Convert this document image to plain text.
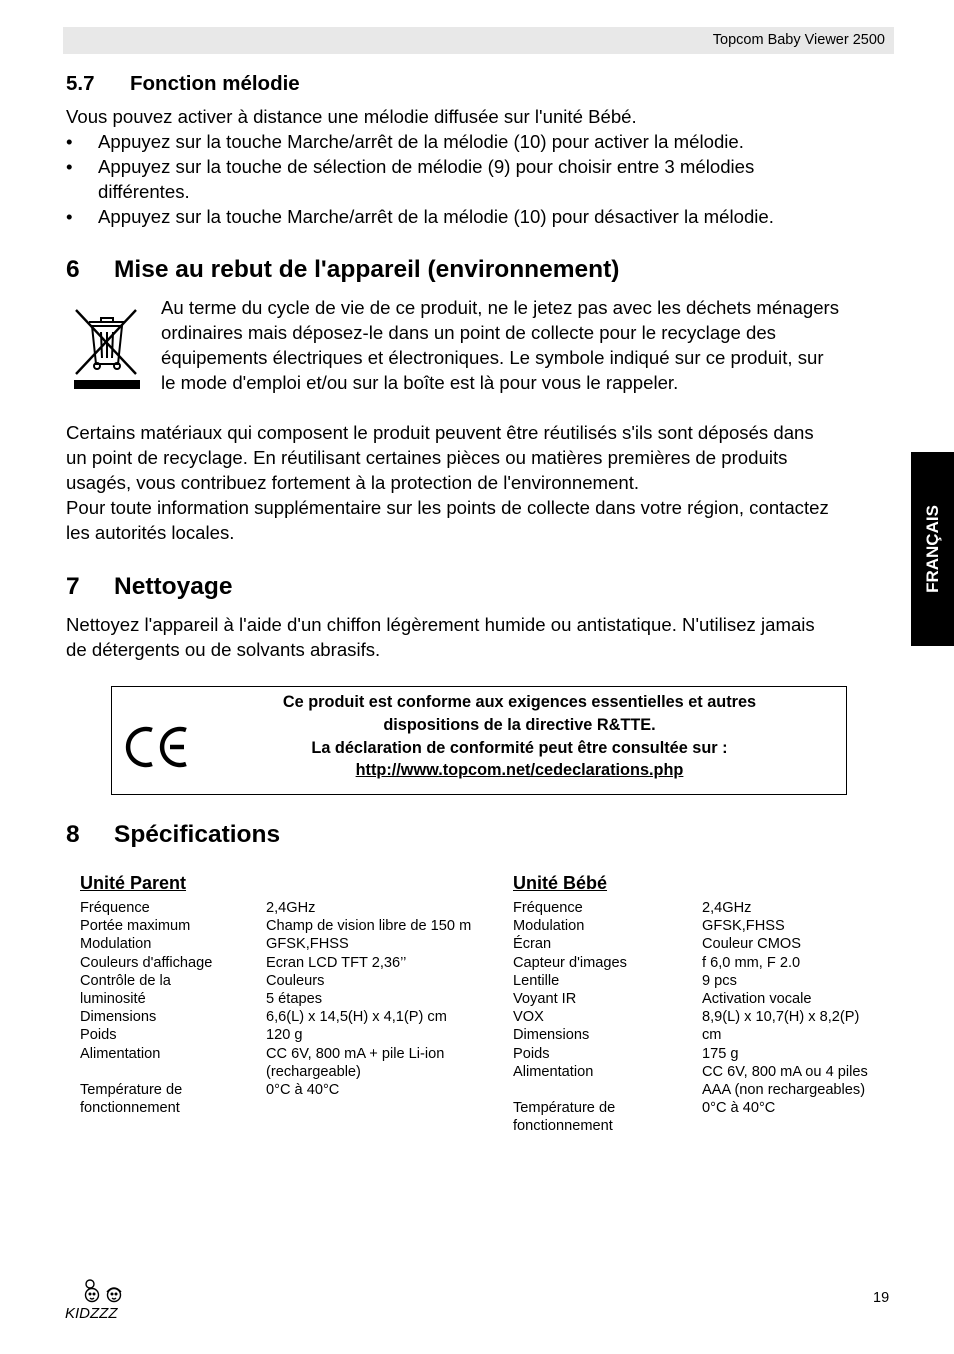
Topcom Baby Viewer 2500
5.7 Fonction mélodie
Vous pouvez activer à distance une mélodie diffusée sur l'unité Bébé.
• Appuyez sur la touche Marche/arrêt de la mélodie (10) pour activer la mélodie.
• Appuyez sur la touche de sélection de mélodie (9) pour choisir entre 3 mélodies
différentes.
• Appuyez sur la touche Marche/arrêt de la mélodie (10) pour désactiver la mélodie.
6 Mise au rebut de l'appareil (environnement)
Au terme du cycle de vie de ce produit, ne le jetez pas avec les déchets ménagers
ordinaires mais déposez-le dans un point de collecte pour le recyclage des
équipements électriques et électroniques. Le symbole indiqué sur ce produit, sur
le mode d'emploi et/ou sur la boîte est là pour vous le rappeler.
Certains matériaux qui composent le produit peuvent être réutilisés s'ils sont déposés dans
un point de recyclage. En réutilisant certaines pièces ou matières premières de produits
usagés, vous contribuez fortement à la protection de l'environnement.
Pour toute information supplémentaire sur les points de collecte dans votre région, contactez
les autorités locales.
7 Nettoyage
Nettoyez l'appareil à l'aide d'un chiffon légèrement humide ou antistatique. N'utilisez jamais
de détergents ou de solvants abrasifs.
Ce produit est conforme aux exigences essentielles et autres
dispositions de la directive R&TTE.
La déclaration de conformité peut être consultée sur :
http://www.topcom.net/cedeclarations.php
8 Spécifications
Unité Parent
Fréquence
Portée maximum
Modulation
Couleurs d'affichage
Contrôle de la
luminosité
Dimensions
Poids
Alimentation
Température de
fonctionnement
2,4GHz
Champ de vision libre de 150 m
GFSK,FHSS
Ecran LCD TFT 2,36’’
Couleurs
5 étapes
6,6(L) x 14,5(H) x 4,1(P) cm
120 g
CC 6V, 800 mA + pile Li-ion
(rechargeable)
0°C à 40°C
Unité Bébé
Fréquence
Modulation
Écran
Capteur d'images
Lentille
Voyant IR
VOX
Dimensions
Poids
Alimentation
Température de
fonctionnement
2,4GHz
GFSK,FHSS
Couleur CMOS
f 6,0 mm, F 2.0
9 pcs
Activation vocale
8,9(L) x 10,7(H) x 8,2(P)
cm
175 g
CC 6V, 800 mA ou 4 piles
AAA (non rechargeables)
0°C à 40°C
FRANÇAIS
KIDZZZ
19
